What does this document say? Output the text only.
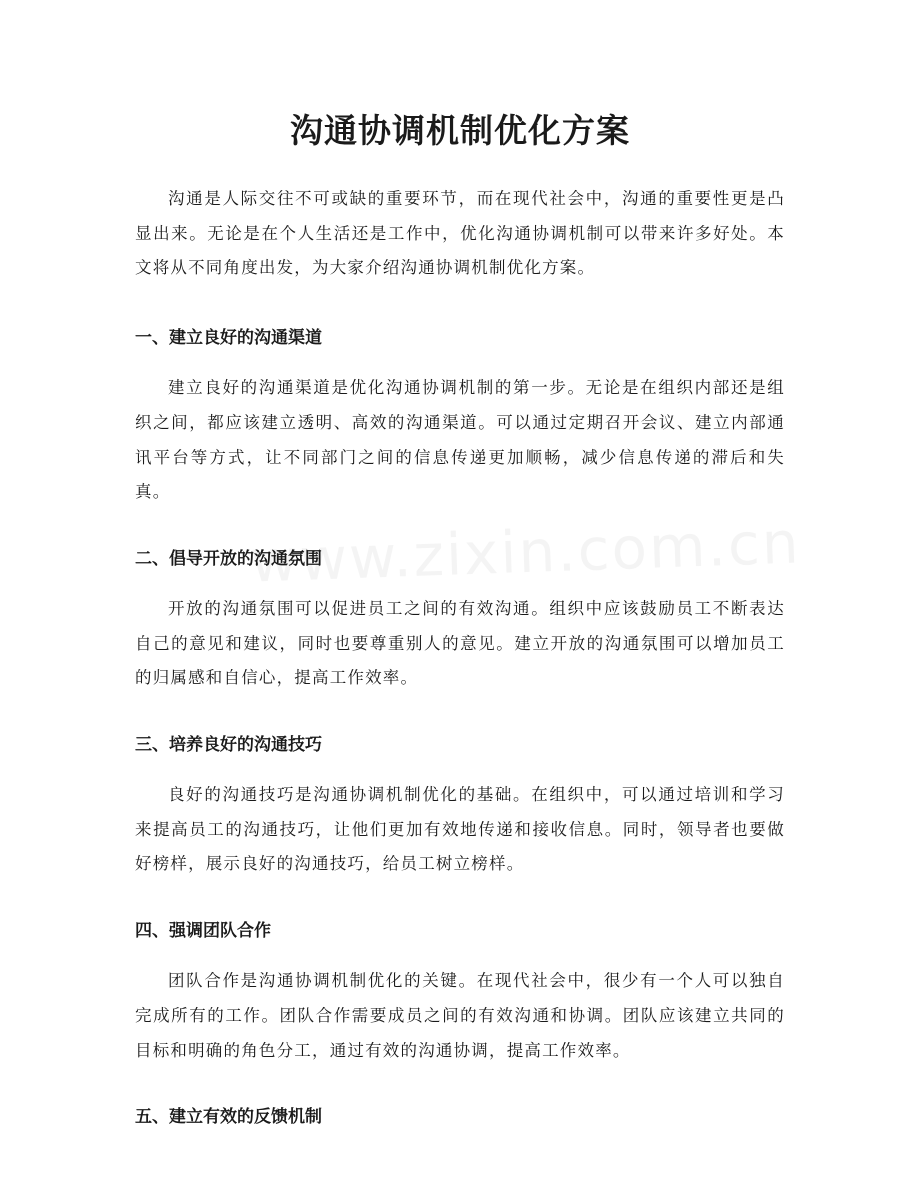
沟通协调机制优化方案

沟通是人际交往不可或缺的重要环节，而在现代社会中，沟通的重要性更是凸显出来。无论是在个人生活还是工作中，优化沟通协调机制可以带来许多好处。本文将从不同角度出发，为大家介绍沟通协调机制优化方案。

一、建立良好的沟通渠道

建立良好的沟通渠道是优化沟通协调机制的第一步。无论是在组织内部还是组织之间，都应该建立透明、高效的沟通渠道。可以通过定期召开会议、建立内部通讯平台等方式，让不同部门之间的信息传递更加顺畅，减少信息传递的滞后和失真。

二、倡导开放的沟通氛围

开放的沟通氛围可以促进员工之间的有效沟通。组织中应该鼓励员工不断表达自己的意见和建议，同时也要尊重别人的意见。建立开放的沟通氛围可以增加员工的归属感和自信心，提高工作效率。

三、培养良好的沟通技巧

良好的沟通技巧是沟通协调机制优化的基础。在组织中，可以通过培训和学习来提高员工的沟通技巧，让他们更加有效地传递和接收信息。同时，领导者也要做好榜样，展示良好的沟通技巧，给员工树立榜样。

四、强调团队合作

团队合作是沟通协调机制优化的关键。在现代社会中，很少有一个人可以独自完成所有的工作。团队合作需要成员之间的有效沟通和协调。团队应该建立共同的目标和明确的角色分工，通过有效的沟通协调，提高工作效率。

五、建立有效的反馈机制
